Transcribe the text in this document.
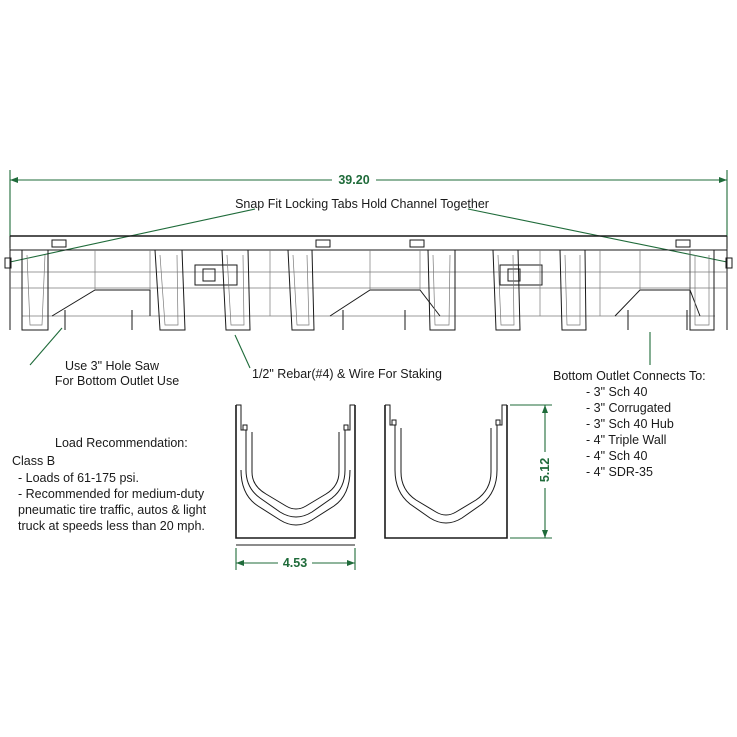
39.20
Snap Fit Locking Tabs Hold Channel Together
Use 3" Hole Saw
For Bottom Outlet Use	1/2" Rebar(#4) & Wire For Staking	Bottom Outlet Connects To:
- 3" Sch 40
- 3" Corrugated
- 3" Sch 40 Hub
- 4" Triple Wall
- 4" Sch 40
- 4" SDR-35
Load Recommendation:
Class B
- Loads of 61-175 psi.
- Recommended for medium-duty
pneumatic tire traffic, autos & light
truck at speeds less than 20 mph.
4.53
5.12
